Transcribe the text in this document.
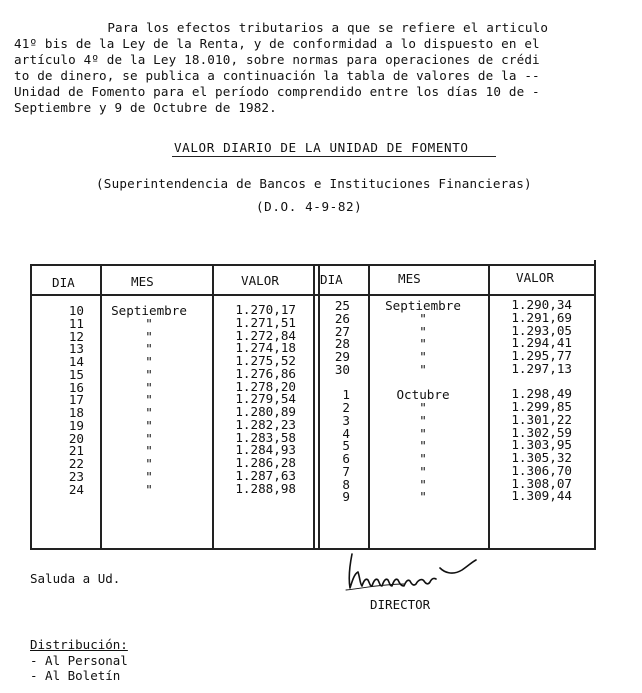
Para los efectos tributarios a que se refiere el articulo
41º bis de la Ley de la Renta, y de conformidad a lo dispuesto en el
artículo 4º de la Ley 18.010, sobre normas para operaciones de crédi
to de dinero, se publica a continuación la tabla de valores de la --
Unidad de Fomento para el período comprendido entre los días 10 de -
Septiembre y 9 de Octubre de 1982.
VALOR DIARIO DE LA UNIDAD DE FOMENTO
(Superintendencia de Bancos e Instituciones Financieras)
(D.O. 4-9-82)
DIA	MES	VALOR	DIA	MES	VALOR
10	Septiembre	1.270,17
11	"	1.271,51
12	"	1.272,84
13	"	1.274,18
14	"	1.275,52
15	"	1.276,86
16	"	1.278,20
17	"	1.279,54
18	"	1.280,89
19	"	1.282,23
20	"	1.283,58
21	"	1.284,93
22	"	1.286,28
23	"	1.287,63
24	"	1.288,98
25	Septiembre	1.290,34
26	"	1.291,69
27	"	1.293,05
28	"	1.294,41
29	"	1.295,77
30	"	1.297,13
1	Octubre	1.298,49
2	"	1.299,85
3	"	1.301,22
4	"	1.302,59
5	"	1.303,95
6	"	1.305,32
7	"	1.306,70
8	"	1.308,07
9	"	1.309,44
Saluda a Ud.
DIRECTOR
Distribución:
- Al Personal
- Al Boletín
